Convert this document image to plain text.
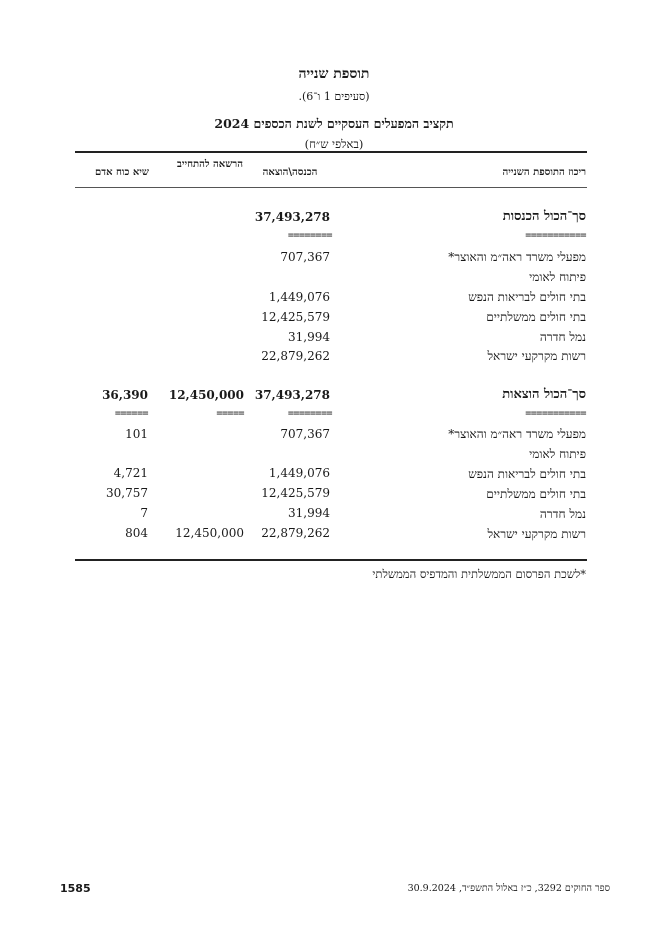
תוספת שנייה
(סעיפים 1 ו־6).
תקציב המפעלים העסקיים לשנת הכספים 2024
(באלפי ש״ח)
ריכוז התוספת השנייה
הכנסה\הוצאה
הרשאה להתחייב
שיא כוח אדם
סך־הכול הכנסות
37,493,278
===========
========
מפעלי משרד ראה״מ והאוצר*
707,367
פיתוח לאומי
בתי חולים לבריאות הנפש
1,449,076
בתי חולים ממשלתיים
12,425,579
נמל חדרה
31,994
רשות מקרקעי ישראל
22,879,262
סך־הכול הוצאות
37,493,278
12,450,000
36,390
===========
========
=====
======
מפעלי משרד ראה״מ והאוצר*
707,367
101
פיתוח לאומי
בתי חולים לבריאות הנפש
1,449,076
4,721
בתי חולים ממשלתיים
12,425,579
30,757
נמל חדרה
31,994
7
רשות מקרקעי ישראל
22,879,262
12,450,000
804
*לשכת הפרסום הממשלתית והמדפיס הממשלתי
1585	ספר החוקים 3292, כ״ז באלול התשפ״ד, 30.9.2024
